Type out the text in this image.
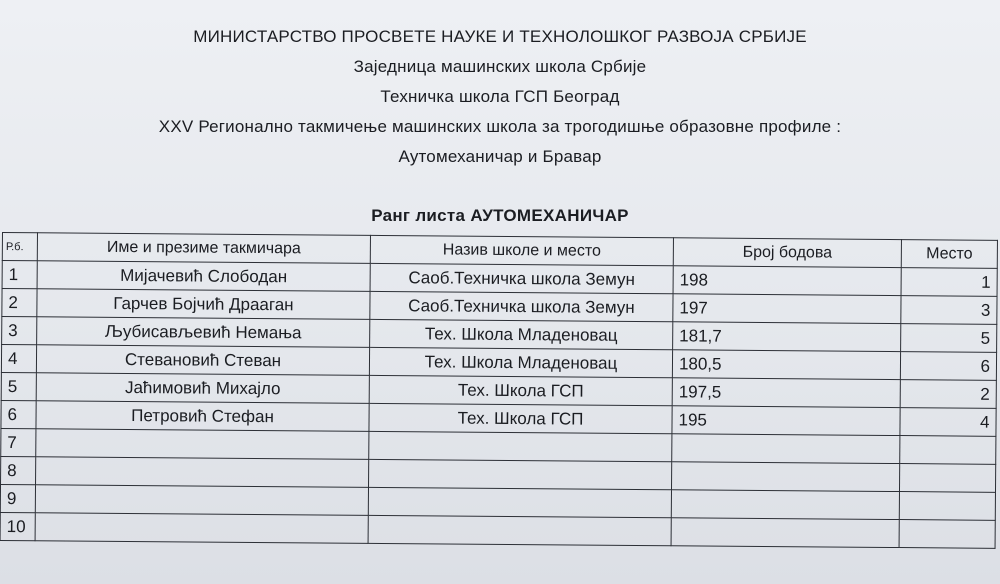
МИНИСТАРСТВО ПРОСВЕТЕ НАУКЕ И ТЕХНОЛОШКОГ РАЗВОЈА СРБИЈЕ
Заједница машинских школа Србије
Техничка школа ГСП Београд
XXV Регионално такмичење машинских школа за трогодишње образовне профиле :
Аутомеханичар и Бравар
Ранг листа АУТОМЕХАНИЧАР
Р.б.	Име и презиме такмичара	Назив школе и место	Број бодова	Место
1	Мијачевић Слободан	Саоб.Техничка школа Земун	198	1
2	Гарчев Бојчић Драаган	Саоб.Техничка школа Земун	197	3
3	Љубисављевић Немања	Тех. Школа Младеновац	181,7	5
4	Стевановић Стеван	Тех. Школа Младеновац	180,5	6
5	Јаћимовић Михајло	Тех. Школа ГСП	197,5	2
6	Петровић Стефан	Тех. Школа ГСП	195	4
7				
8				
9				
10				
